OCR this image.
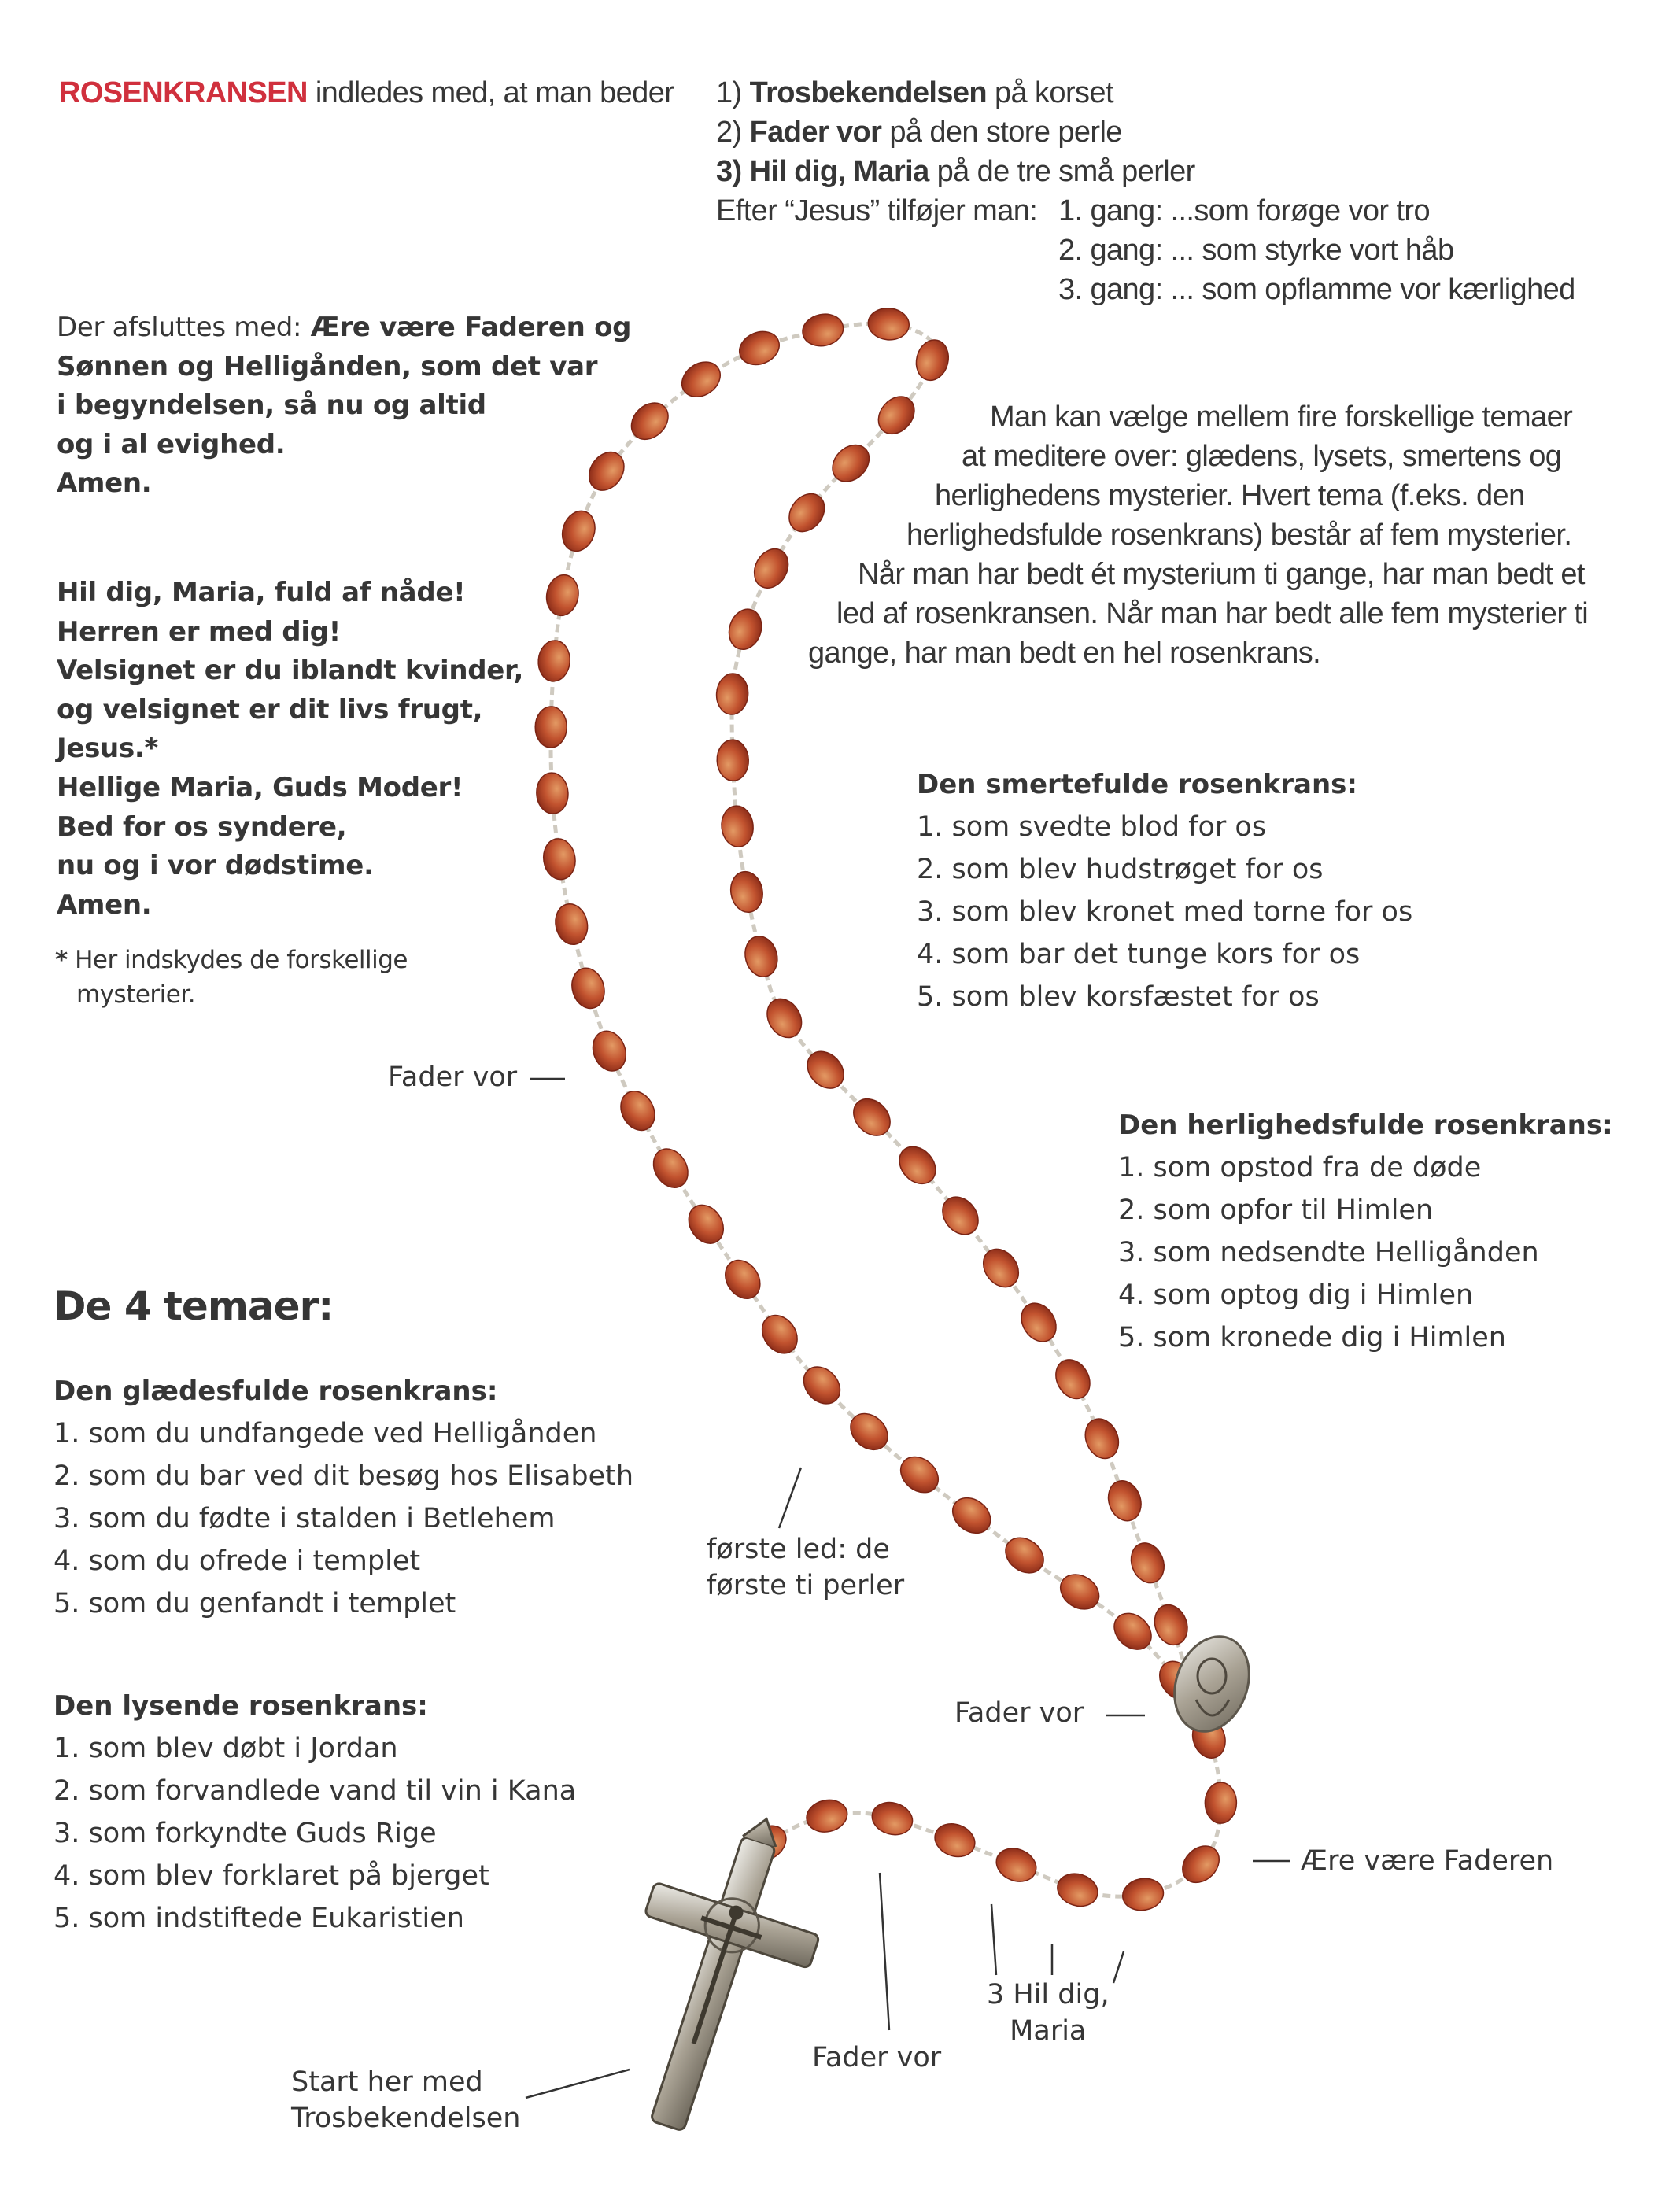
ROSENKRANSEN indledes med, at man beder 1) Trosbekendelsen på korset
2) Fader vor på den store perle
3) Hil dig, Maria på de tre små perler
Efter “Jesus” tilføjer man: 1. gang: ...som forøge vor tro
2. gang: ... som styrke vort håb
3. gang: ... som opflamme vor kærlighed
Der afsluttes med: Ære være Faderen og
Sønnen og Helligånden, som det var
i begyndelsen, så nu og altid
og i al evighed.
Amen.
Hil dig, Maria, fuld af nåde!
Herren er med dig!
Velsignet er du iblandt kvinder,
og velsignet er dit livs frugt,
Jesus.*
Hellige Maria, Guds Moder!
Bed for os syndere,
nu og i vor dødstime.
Amen.
* Her indskydes de forskellige
mysterier.
Man kan vælge mellem fire forskellige temaer
at meditere over: glædens, lysets, smertens og
herlighedens mysterier. Hvert tema (f.eks. den
herlighedsfulde rosenkrans) består af fem mysterier.
Når man har bedt ét mysterium ti gange, har man bedt et
led af rosenkransen. Når man har bedt alle fem mysterier ti
gange, har man bedt en hel rosenkrans.
Den smertefulde rosenkrans:
1. som svedte blod for os
2. som blev hudstrøget for os
3. som blev kronet med torne for os
4. som bar det tunge kors for os
5. som blev korsfæstet for os
Den herlighedsfulde rosenkrans:
1. som opstod fra de døde
2. som opfor til Himlen
3. som nedsendte Helligånden
4. som optog dig i Himlen
5. som kronede dig i Himlen
De 4 temaer:
Den glædesfulde rosenkrans:
1. som du undfangede ved Helligånden
2. som du bar ved dit besøg hos Elisabeth
3. som du fødte i stalden i Betlehem
4. som du ofrede i templet
5. som du genfandt i templet
Den lysende rosenkrans:
1. som blev døbt i Jordan
2. som forvandlede vand til vin i Kana
3. som forkyndte Guds Rige
4. som blev forklaret på bjerget
5. som indstiftede Eukaristien
Fader vor
første led: de
første ti perler
Fader vor
Ære være Faderen
3 Hil dig,
Maria
Fader vor
Start her med
Trosbekendelsen
